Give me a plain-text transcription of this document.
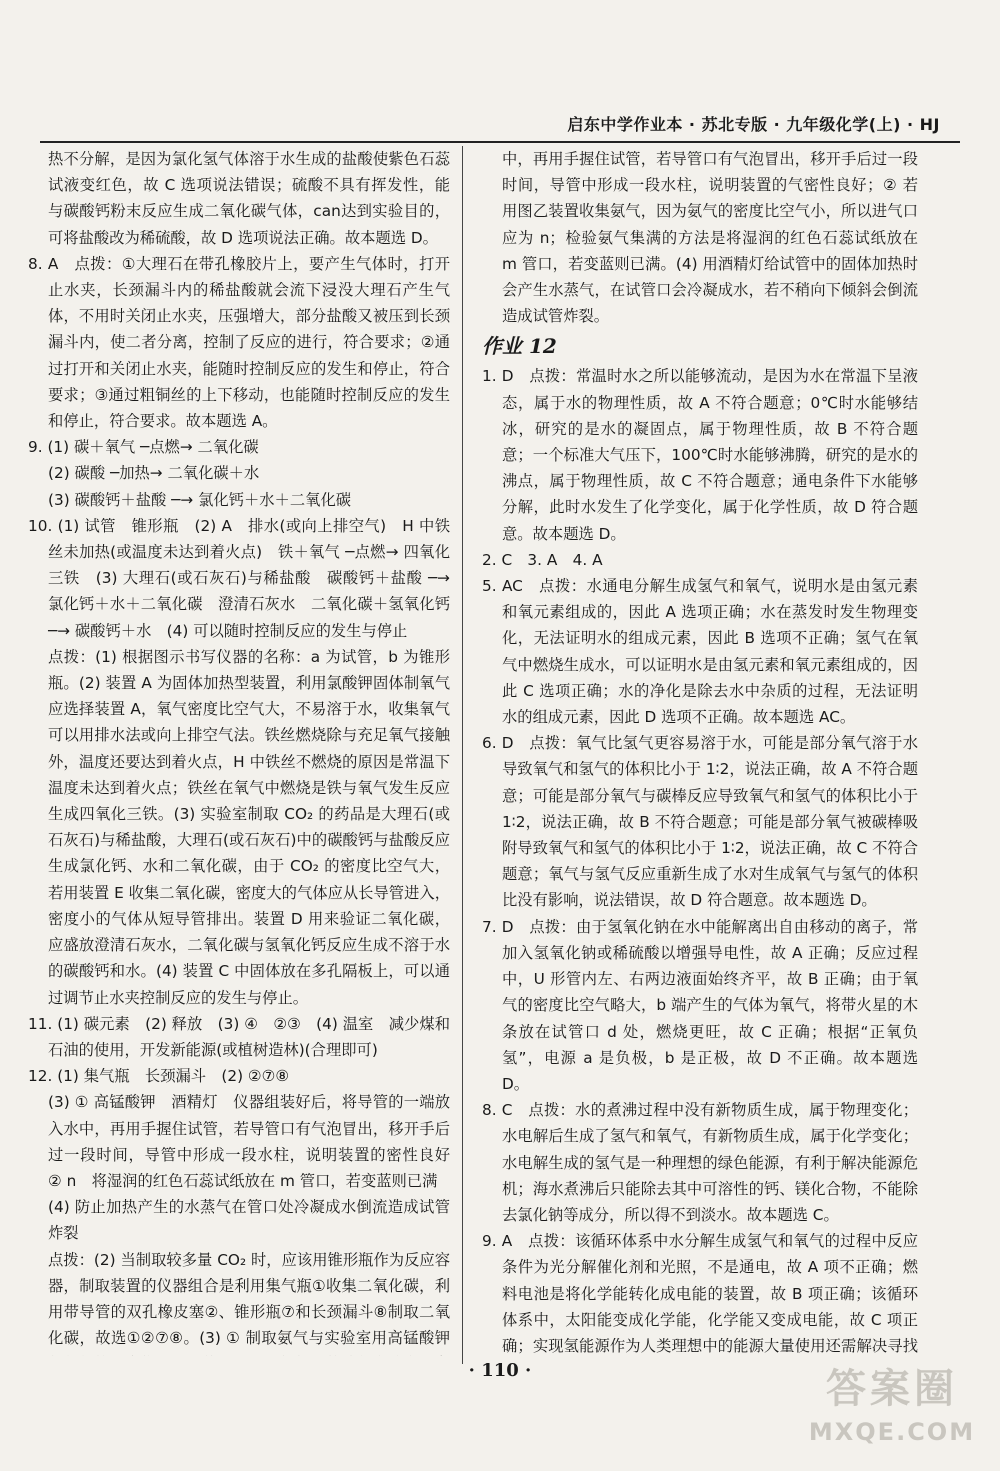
启东中学作业本 · 苏北专版 · 九年级化学(上) · HJ

热不分解，是因为氯化氢气体溶于水生成的盐酸使紫色石蕊试液变红色，故 C 选项说法错误；硫酸不具有挥发性，能与碳酸钙粉末反应生成二氧化碳气体，can达到实验目的，可将盐酸改为稀硫酸，故 D 选项说法正确。故本题选 D。

8. A　点拨：①大理石在带孔橡胶片上，要产生气体时，打开止水夹，长颈漏斗内的稀盐酸就会流下浸没大理石产生气体，不用时关闭止水夹，压强增大，部分盐酸又被压到长颈漏斗内，使二者分离，控制了反应的进行，符合要求；②通过打开和关闭止水夹，能随时控制反应的发生和停止，符合要求；③通过粗铜丝的上下移动，也能随时控制反应的发生和停止，符合要求。故本题选 A。

9. (1) 碳＋氧气 ─点燃→ 二氧化碳

(2) 碳酸 ─加热→ 二氧化碳＋水

(3) 碳酸钙＋盐酸 ─→ 氯化钙＋水＋二氧化碳

10. (1) 试管　锥形瓶　(2) A　排水(或向上排空气)　H 中铁丝未加热(或温度未达到着火点)　铁＋氧气 ─点燃→ 四氧化三铁　(3) 大理石(或石灰石)与稀盐酸　碳酸钙＋盐酸 ─→ 氯化钙＋水＋二氧化碳　澄清石灰水　二氧化碳＋氢氧化钙 ─→ 碳酸钙＋水　(4) 可以随时控制反应的发生与停止

点拨：(1) 根据图示书写仪器的名称：a 为试管，b 为锥形瓶。(2) 装置 A 为固体加热型装置，利用氯酸钾固体制氧气应选择装置 A，氧气密度比空气大，不易溶于水，收集氧气可以用排水法或向上排空气法。铁丝燃烧除与充足氧气接触外，温度还要达到着火点，H 中铁丝不燃烧的原因是常温下温度未达到着火点；铁丝在氧气中燃烧是铁与氧气发生反应生成四氧化三铁。(3) 实验室制取 CO₂ 的药品是大理石(或石灰石)与稀盐酸，大理石(或石灰石)中的碳酸钙与盐酸反应生成氯化钙、水和二氧化碳，由于 CO₂ 的密度比空气大，若用装置 E 收集二氧化碳，密度大的气体应从长导管进入，密度小的气体从短导管排出。装置 D 用来验证二氧化碳，应盛放澄清石灰水，二氧化碳与氢氧化钙反应生成不溶于水的碳酸钙和水。(4) 装置 C 中固体放在多孔隔板上，可以通过调节止水夹控制反应的发生与停止。

11. (1) 碳元素　(2) 释放　(3) ④　②③　(4) 温室　减少煤和石油的使用，开发新能源(或植树造林)(合理即可)

12. (1) 集气瓶　长颈漏斗　(2) ②⑦⑧

(3) ① 高锰酸钾　酒精灯　仪器组装好后，将导管的一端放入水中，再用手握住试管，若导管口有气泡冒出，移开手后过一段时间，导管中形成一段水柱，说明装置的密性良好　② n　将湿润的红色石蕊试纸放在 m 管口，若变蓝则已满

(4) 防止加热产生的水蒸气在管口处冷凝成水倒流造成试管炸裂

点拨：(2) 当制取较多量 CO₂ 时，应该用锥形瓶作为反应容器，制取装置的仪器组合是利用集气瓶①收集二氧化碳，利用带导管的双孔橡皮塞②、锥形瓶⑦和长颈漏斗⑧制取二氧化碳，故选①②⑦⑧。(3) ① 制取氨气与实验室用高锰酸钾

中，再用手握住试管，若导管口有气泡冒出，移开手后过一段时间，导管中形成一段水柱，说明装置的气密性良好；② 若用图乙装置收集氨气，因为氨气的密度比空气小，所以进气口应为 n；检验氨气集满的方法是将湿润的红色石蕊试纸放在 m 管口，若变蓝则已满。(4) 用酒精灯给试管中的固体加热时会产生水蒸气，在试管口会冷凝成水，若不稍向下倾斜会倒流造成试管炸裂。

作业 12

1. D　点拨：常温时水之所以能够流动，是因为水在常温下呈液态，属于水的物理性质，故 A 不符合题意；0℃时水能够结冰，研究的是水的凝固点，属于物理性质，故 B 不符合题意；一个标准大气压下，100℃时水能够沸腾，研究的是水的沸点，属于物理性质，故 C 不符合题意；通电条件下水能够分解，此时水发生了化学变化，属于化学性质，故 D 符合题意。故本题选 D。

2. C　3. A　4. A

5. AC　点拨：水通电分解生成氢气和氧气，说明水是由氢元素和氧元素组成的，因此 A 选项正确；水在蒸发时发生物理变化，无法证明水的组成元素，因此 B 选项不正确；氢气在氧气中燃烧生成水，可以证明水是由氢元素和氧元素组成的，因此 C 选项正确；水的净化是除去水中杂质的过程，无法证明水的组成元素，因此 D 选项不正确。故本题选 AC。

6. D　点拨：氧气比氢气更容易溶于水，可能是部分氧气溶于水导致氧气和氢气的体积比小于 1∶2，说法正确，故 A 不符合题意；可能是部分氧气与碳棒反应导致氧气和氢气的体积比小于 1∶2，说法正确，故 B 不符合题意；可能是部分氧气被碳棒吸附导致氧气和氢气的体积比小于 1∶2，说法正确，故 C 不符合题意；氧气与氢气反应重新生成了水对生成氧气与氢气的体积比没有影响，说法错误，故 D 符合题意。故本题选 D。

7. D　点拨：由于氢氧化钠在水中能解离出自由移动的离子，常加入氢氧化钠或稀硫酸以增强导电性，故 A 正确；反应过程中，U 形管内左、右两边液面始终齐平，故 B 正确；由于氧气的密度比空气略大，b 端产生的气体为氧气，将带火星的木条放在试管口 d 处，燃烧更旺，故 C 正确；根据“正氧负氢”，电源 a 是负极，b 是正极，故 D 不正确。故本题选 D。

8. C　点拨：水的煮沸过程中没有新物质生成，属于物理变化；水电解后生成了氢气和氧气，有新物质生成，属于化学变化；水电解生成的氢气是一种理想的绿色能源，有利于解决能源危机；海水煮沸后只能除去其中可溶性的钙、镁化合物，不能除去氯化钠等成分，所以得不到淡水。故本题选 C。

9. A　点拨：该循环体系中水分解生成氢气和氧气的过程中反应条件为光分解催化剂和光照，不是通电，故 A 项不正确；燃料电池是将化学能转化成电能的装置，故 B 项正确；该循环体系中，太阳能变成化学能，化学能又变成电能，故 C 项正确；实现氢能源作为人类理想中的能源大量使用还需解决寻找

· 110 ·	答案圈
MXQE.COM
